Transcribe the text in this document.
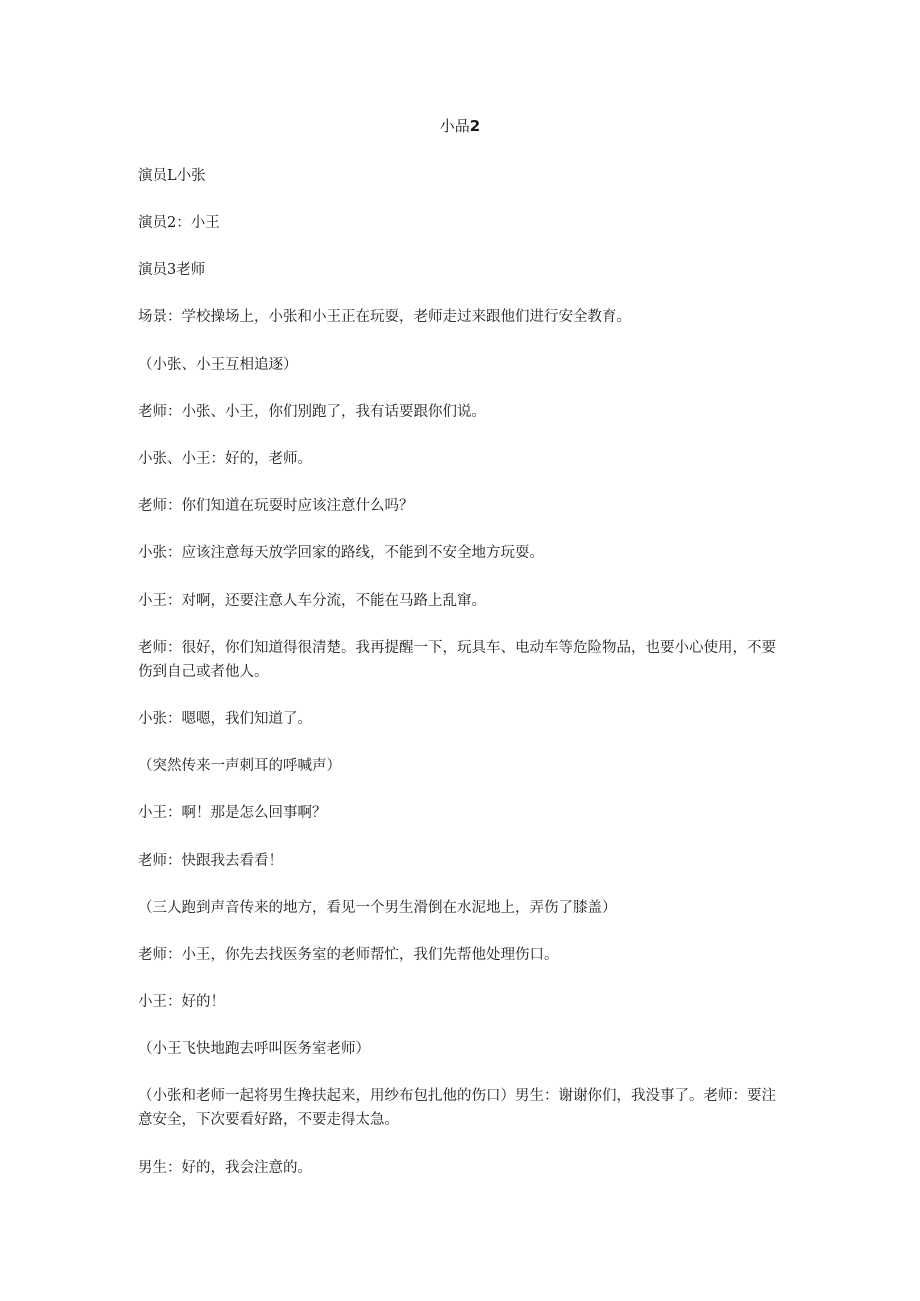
小品2
演员L小张
演员2：小王
演员3老师
场景：学校操场上，小张和小王正在玩耍，老师走过来跟他们进行安全教育。
（小张、小王互相追逐）
老师：小张、小王，你们别跑了，我有话要跟你们说。
小张、小王：好的，老师。
老师：你们知道在玩耍时应该注意什么吗？
小张：应该注意每天放学回家的路线，不能到不安全地方玩耍。
小王：对啊，还要注意人车分流，不能在马路上乱窜。
老师：很好，你们知道得很清楚。我再提醒一下，玩具车、电动车等危险物品，也要小心使用，不要伤到自己或者他人。
小张：嗯嗯，我们知道了。
（突然传来一声刺耳的呼喊声）
小王：啊！那是怎么回事啊？
老师：快跟我去看看！
（三人跑到声音传来的地方，看见一个男生滑倒在水泥地上，弄伤了膝盖）
老师：小王，你先去找医务室的老师帮忙，我们先帮他处理伤口。
小王：好的！
（小王飞快地跑去呼叫医务室老师）
（小张和老师一起将男生搀扶起来，用纱布包扎他的伤口）男生：谢谢你们，我没事了。老师：要注意安全，下次要看好路，不要走得太急。
男生：好的，我会注意的。
